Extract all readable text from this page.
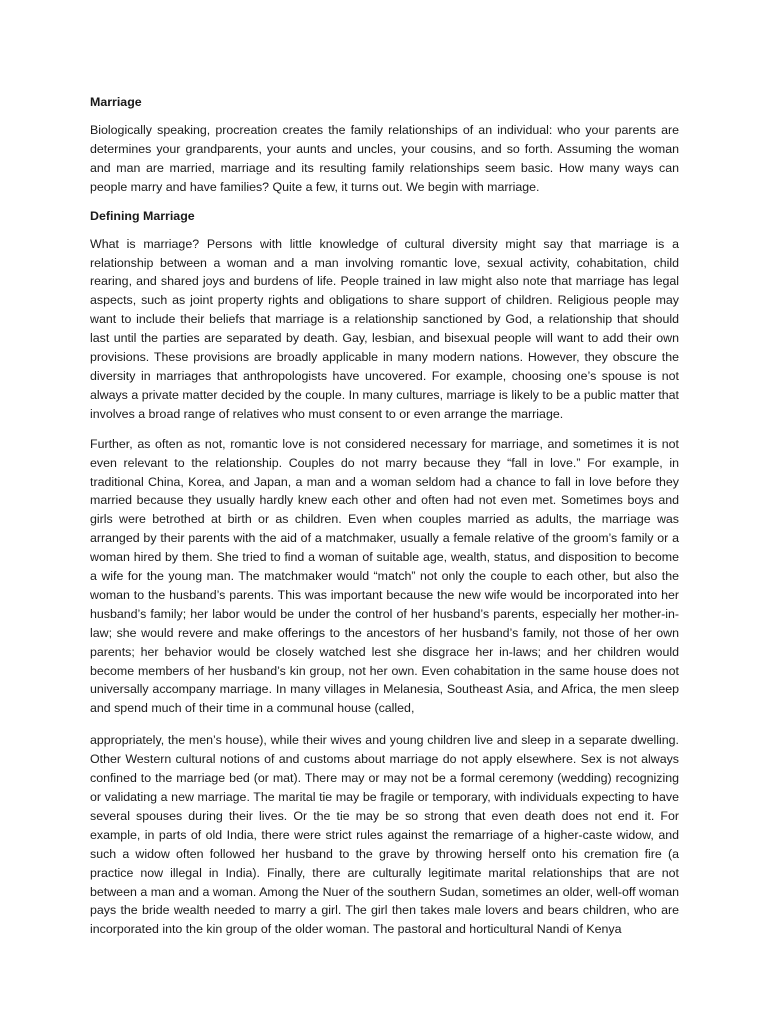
Marriage

Biologically speaking, procreation creates the family relationships of an individual: who your parents are determines your grandparents, your aunts and uncles, your cousins, and so forth. Assuming the woman and man are married, marriage and its resulting family relationships seem basic. How many ways can people marry and have families? Quite a few, it turns out. We begin with marriage.

Defining Marriage

What is marriage? Persons with little knowledge of cultural diversity might say that marriage is a relationship between a woman and a man involving romantic love, sexual activity, cohabitation, child rearing, and shared joys and burdens of life. People trained in law might also note that marriage has legal aspects, such as joint property rights and obligations to share support of children. Religious people may want to include their beliefs that marriage is a relationship sanctioned by God, a relationship that should last until the parties are separated by death. Gay, lesbian, and bisexual people will want to add their own provisions. These provisions are broadly applicable in many modern nations. However, they obscure the diversity in marriages that anthropologists have uncovered. For example, choosing one’s spouse is not always a private matter decided by the couple. In many cultures, marriage is likely to be a public matter that involves a broad range of relatives who must consent to or even arrange the marriage.

Further, as often as not, romantic love is not considered necessary for marriage, and sometimes it is not even relevant to the relationship. Couples do not marry because they “fall in love.” For example, in traditional China, Korea, and Japan, a man and a woman seldom had a chance to fall in love before they married because they usually hardly knew each other and often had not even met. Sometimes boys and girls were betrothed at birth or as children. Even when couples married as adults, the marriage was arranged by their parents with the aid of a matchmaker, usually a female relative of the groom’s family or a woman hired by them. She tried to find a woman of suitable age, wealth, status, and disposition to become a wife for the young man. The matchmaker would “match” not only the couple to each other, but also the woman to the husband’s parents. This was important because the new wife would be incorporated into her husband’s family; her labor would be under the control of her husband’s parents, especially her mother-in-law; she would revere and make offerings to the ancestors of her husband’s family, not those of her own parents; her behavior would be closely watched lest she disgrace her in-laws; and her children would become members of her husband’s kin group, not her own. Even cohabitation in the same house does not universally accompany marriage. In many villages in Melanesia, Southeast Asia, and Africa, the men sleep and spend much of their time in a communal house (called,

appropriately, the men’s house), while their wives and young children live and sleep in a separate dwelling. Other Western cultural notions of and customs about marriage do not apply elsewhere. Sex is not always confined to the marriage bed (or mat). There may or may not be a formal ceremony (wedding) recognizing or validating a new marriage. The marital tie may be fragile or temporary, with individuals expecting to have several spouses during their lives. Or the tie may be so strong that even death does not end it. For example, in parts of old India, there were strict rules against the remarriage of a higher-caste widow, and such a widow often followed her husband to the grave by throwing herself onto his cremation fire (a practice now illegal in India). Finally, there are culturally legitimate marital relationships that are not between a man and a woman. Among the Nuer of the southern Sudan, sometimes an older, well-off woman pays the bride wealth needed to marry a girl. The girl then takes male lovers and bears children, who are incorporated into the kin group of the older woman. The pastoral and horticultural Nandi of Kenya
